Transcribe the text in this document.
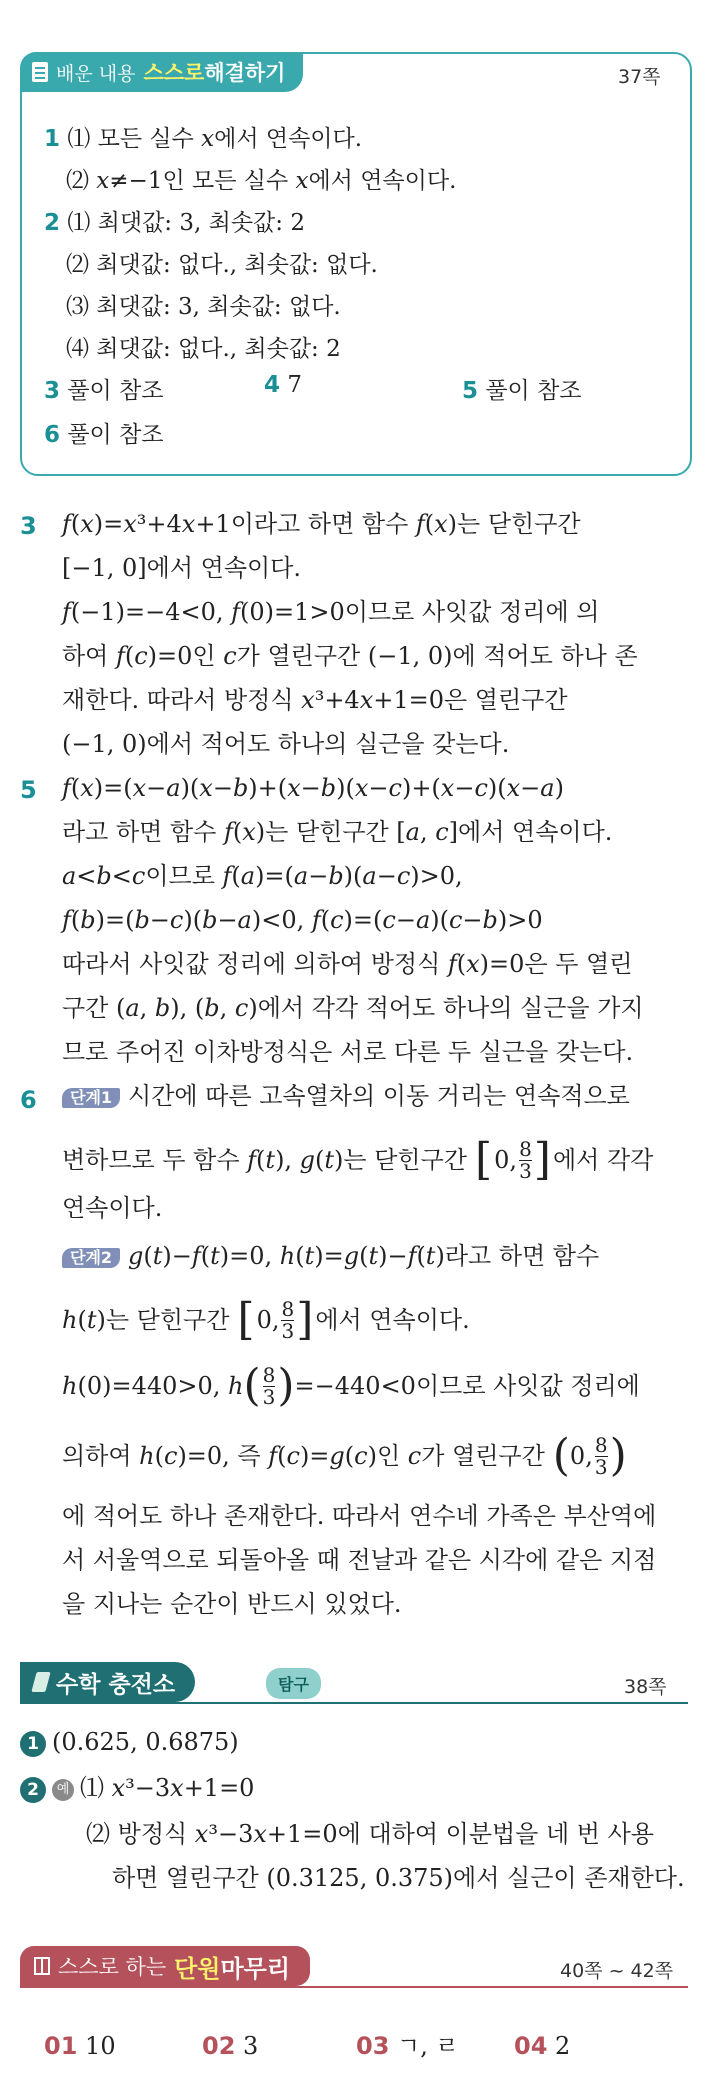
배운 내용 스스로 해결하기	37쪽
1 ⑴ 모든 실수 𝑥에서 연속이다.
⑵ 𝑥≠−1인 모든 실수 𝑥에서 연속이다.
2 ⑴ 최댓값: 3, 최솟값: 2
⑵ 최댓값: 없다., 최솟값: 없다.
⑶ 최댓값: 3, 최솟값: 없다.
⑷ 최댓값: 없다., 최솟값: 2
3 풀이 참조	4 7	5 풀이 참조
6 풀이 참조
3 𝑓(𝑥)=𝑥³+4𝑥+1이라고 하면 함수 𝑓(𝑥)는 닫힌구간
[−1, 0]에서 연속이다.
𝑓(−1)=−4<0, 𝑓(0)=1>0이므로 사잇값 정리에 의
하여 𝑓(𝑐)=0인 𝑐가 열린구간 (−1, 0)에 적어도 하나 존
재한다. 따라서 방정식 𝑥³+4𝑥+1=0은 열린구간
(−1, 0)에서 적어도 하나의 실근을 갖는다.
5 𝑓(𝑥)=(𝑥−𝑎)(𝑥−𝑏)+(𝑥−𝑏)(𝑥−𝑐)+(𝑥−𝑐)(𝑥−𝑎)
라고 하면 함수 𝑓(𝑥)는 닫힌구간 [𝑎, 𝑐]에서 연속이다.
𝑎<𝑏<𝑐이므로 𝑓(𝑎)=(𝑎−𝑏)(𝑎−𝑐)>0,
𝑓(𝑏)=(𝑏−𝑐)(𝑏−𝑎)<0, 𝑓(𝑐)=(𝑐−𝑎)(𝑐−𝑏)>0
따라서 사잇값 정리에 의하여 방정식 𝑓(𝑥)=0은 두 열린
구간 (𝑎, 𝑏), (𝑏, 𝑐)에서 각각 적어도 하나의 실근을 가지
므로 주어진 이차방정식은 서로 다른 두 실근을 갖는다.
6	단계1 시간에 따른 고속열차의 이동 거리는 연속적으로
변하므로 두 함수 𝑓(𝑡), 𝑔(𝑡)는 닫힌구간 [ 0, $\frac{8}{3}$ ] 에서 각각
연속이다.
단계2 𝑔(𝑡)−𝑓(𝑡)=0, ℎ(𝑡)=𝑔(𝑡)−𝑓(𝑡)라고 하면 함수
ℎ(𝑡)는 닫힌구간 [ 0, $\frac{8}{3}$ ] 에서 연속이다.
ℎ(0)=440>0, ℎ ( $\frac{8}{3}$ ) =−440<0이므로 사잇값 정리에
의하여 ℎ(𝑐)=0, 즉 𝑓(𝑐)=𝑔(𝑐)인 𝑐가 열린구간 ( 0, $\frac{8}{3}$ )
에 적어도 하나 존재한다. 따라서 연수네 가족은 부산역에
서 서울역으로 되돌아올 때 전날과 같은 시각에 같은 지점
을 지나는 순간이 반드시 있었다.
수학 충전소	탐구	38쪽
1 (0.625, 0.6875)
2 예 ⑴ 𝑥³−3𝑥+1=0
⑵ 방정식 𝑥³−3𝑥+1=0에 대하여 이분법을 네 번 사용
하면 열린구간 (0.3125, 0.375)에서 실근이 존재한다.
스스로 하는 단원 마무리	40쪽 ~ 42쪽
01 10	02 3	03 ㄱ, ㄹ 04 2
